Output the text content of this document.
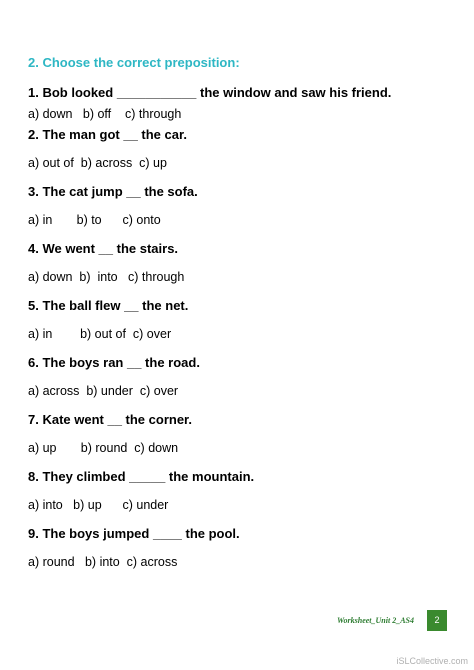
2. Choose the correct preposition:
1. Bob looked ___________ the window and saw his friend.
a) down   b) off    c) through
2. The man got __ the car.
a) out of  b) across  c) up
3. The cat jump __ the sofa.
a) in       b) to      c) onto
4. We went __ the stairs.
a) down  b)  into   c) through
5. The ball flew __ the net.
a) in        b) out of  c) over
6. The boys ran __ the road.
a) across  b) under  c) over
7. Kate went __ the corner.
a) up       b) round  c) down
8. They climbed _____ the mountain.
a) into   b) up      c) under
9. The boys jumped ____ the pool.
a) round   b) into  c) across
Worksheet_Unit 2_AS4	2
iSLCollective.com
